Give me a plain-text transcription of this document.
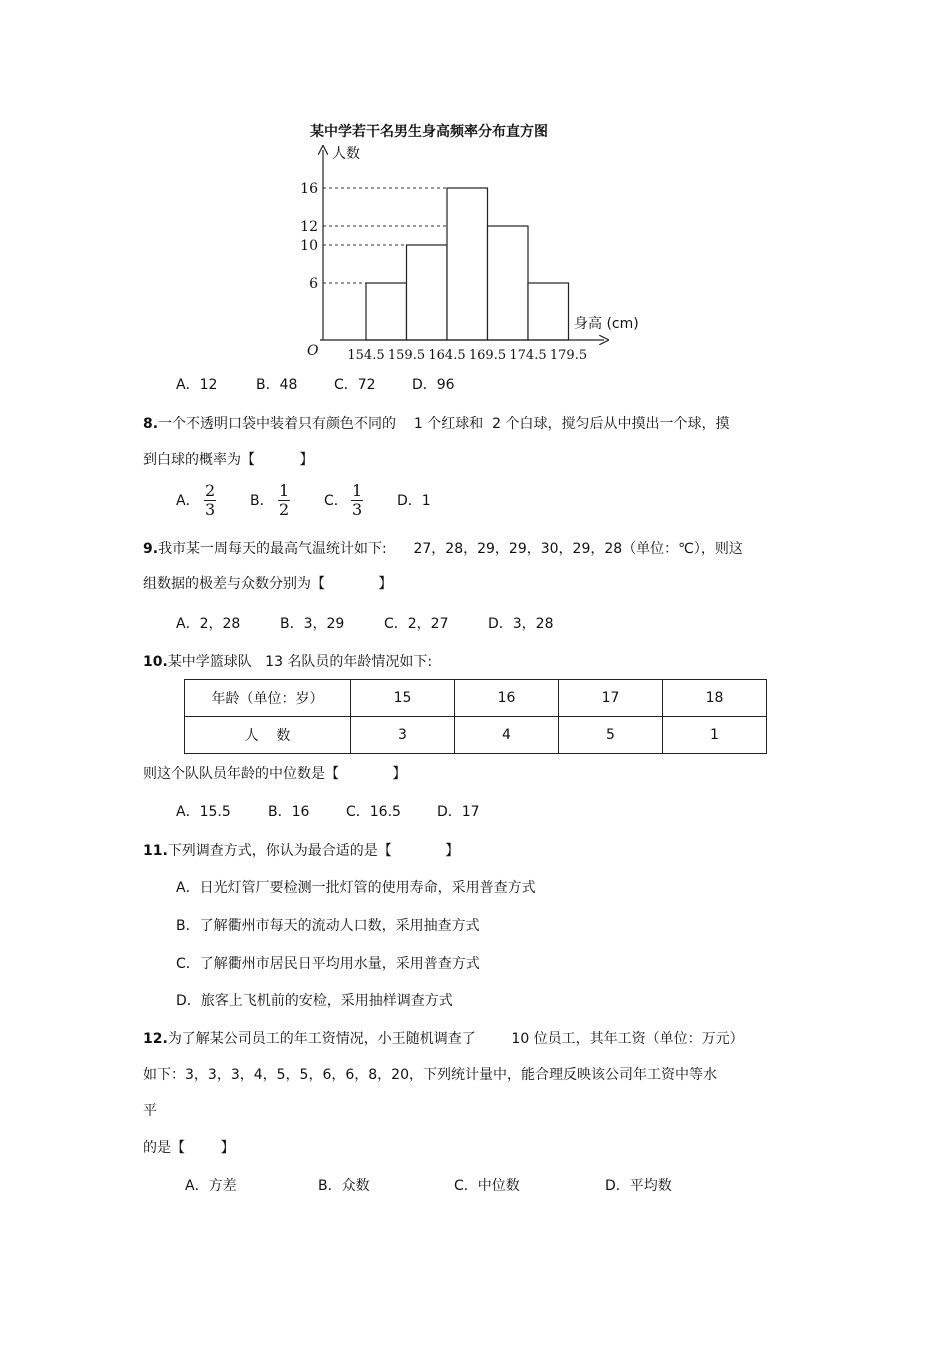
某中学若干名男生身高频率分布直方图
人数
身高 (cm)
O
16
12
10
6
154.5 159.5 164.5 169.5 174.5 179.5
A．12	B．48	C．72	D．96
8.一个不透明口袋中装着只有颜色不同的    1 个红球和  2 个白球，搅匀后从中摸出一个球，摸
到白球的概率为【          】
A． $\frac{2}{3}$ B． $\frac{1}{2}$ C． $\frac{1}{3}$ D．1
9.我市某一周每天的最高气温统计如下:      27，28，29，29，30，29，28（单位：℃），则这
组数据的极差与众数分别为【            】
A．2，28	B．3，29	C．2，27	D．3，28
10.某中学篮球队   13 名队员的年龄情况如下:
年龄（单位：岁）	15	16	17	18
人    数	3	4	5	1
则这个队队员年龄的中位数是【            】
A．15.5	B．16	C．16.5	D．17
11.下列调查方式，你认为最合适的是【            】
A．日光灯管厂要检测一批灯管的使用寿命，采用普查方式
B．了解衢州市每天的流动人口数，采用抽查方式
C．了解衢州市居民日平均用水量，采用普查方式
D．旅客上飞机前的安检，采用抽样调查方式
12.为了解某公司员工的年工资情况，小王随机调查了        10 位员工，其年工资（单位：万元）
如下：3，3，3，4，5，5，6，6，8，20，下列统计量中，能合理反映该公司年工资中等水
平
的是【        】
A．方差	B．众数	C．中位数	D．平均数
